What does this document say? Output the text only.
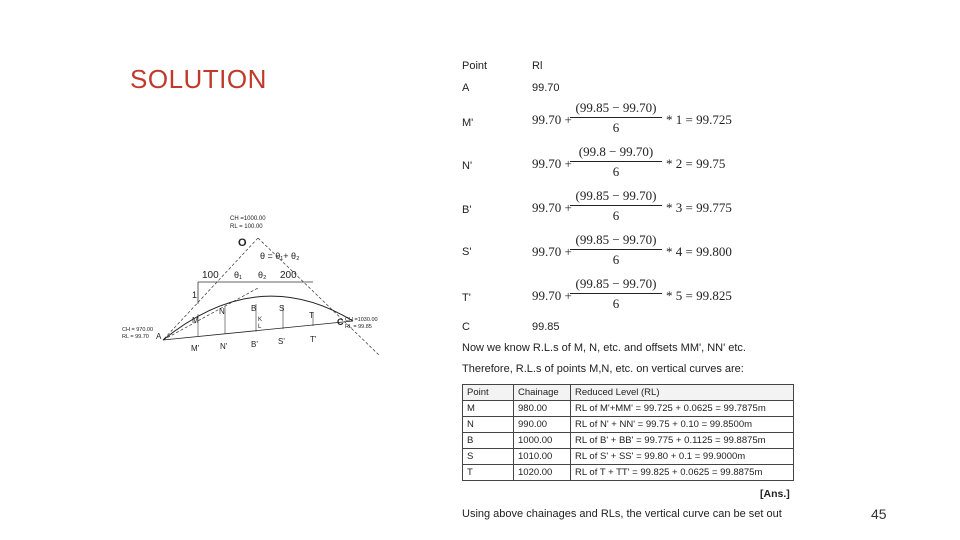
SOLUTION
CH =1000.00
RL = 100.00
O
θ = θ₁+ θ₂
100	200
θ₁ θ₂
1
CH = 970.00
RL = 99.70
CH =1030.00
RL = 99.85
A
M
N	B	S
T
C
M'	N'	B'	S'	T'
K
L
Point	Rl
A	99.70
M'	99.70 +
$\frac{(99.85 - 99.70)}{6} * 1 = 99.725$
N'	99.70 +
$\frac{(99.8 - 99.70)}{6} * 2 = 99.75$
B'	99.70 +
$\frac{(99.85 - 99.70)}{6} * 3 = 99.775$
S'	99.70 +
$\frac{(99.85 - 99.70)}{6} * 4 = 99.800$
T'	99.70 +
$\frac{(99.85 - 99.70)}{6} * 5 = 99.825$
C	99.85
Now we know R.L.s of M, N, etc. and offsets MM', NN' etc.
Therefore, R.L.s of points M,N, etc. on vertical curves are:
Point	Chainage	Reduced Level (RL)
M	980.00	RL of M'+MM' = 99.725 + 0.0625 = 99.7875m
N	990.00	RL of N' + NN' = 99.75 + 0.10 = 99.8500m
B	1000.00	RL of B' + BB' = 99.775 + 0.1125 = 99.8875m
S	1010.00	RL of S' + SS' = 99.80 + 0.1 = 99.9000m
T	1020.00	RL of T + TT' = 99.825 + 0.0625 = 99.8875m
[Ans.]
Using above chainages and RLs, the vertical curve can be set out	45
